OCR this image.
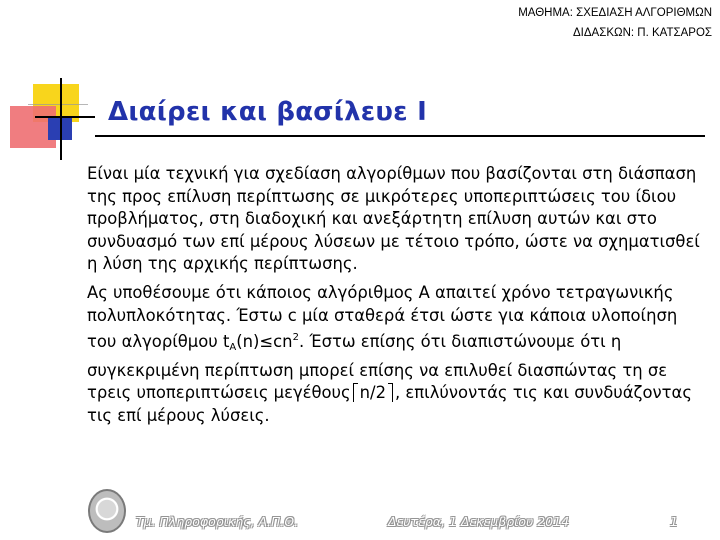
ΜΑΘΗΜΑ: ΣΧΕΔΙΑΣΗ ΑΛΓΟΡΙΘΜΩΝ
ΔΙΔΑΣΚΩΝ: Π. ΚΑΤΣΑΡΟΣ
Διαίρει και βασίλευε Ι

Είναι μία τεχνική για σχεδίαση αλγορίθμων που βασίζονται στη διάσπαση της προς επίλυση περίπτωσης σε μικρότερες υποπεριπτώσεις του ίδιου προβλήματος, στη διαδοχική και ανεξάρτητη επίλυση αυτών και στο συνδυασμό των επί μέρους λύσεων με τέτοιο τρόπο, ώστε να σχηματισθεί η λύση της αρχικής περίπτωσης.

Ας υποθέσουμε ότι κάποιος αλγόριθμος Α απαιτεί χρόνο τετραγωνικής πολυπλοκότητας. Έστω c μία σταθερά έτσι ώστε για κάποια υλοποίηση του αλγορίθμου $t_A(n)\le cn^2$. Έστω επίσης ότι διαπιστώνουμε ότι η συγκεκριμένη περίπτωση μπορεί επίσης να επιλυθεί διασπώντας τη σε τρεις υποπεριπτώσεις μεγέθους n/2 , επιλύνοντάς τις και συνδυάζοντας τις επί μέρους λύσεις.

Τμ. Πληροφορικής, Α.Π.Θ.	Δευτέρα, 1 Δεκεμβρίου 2014	1
